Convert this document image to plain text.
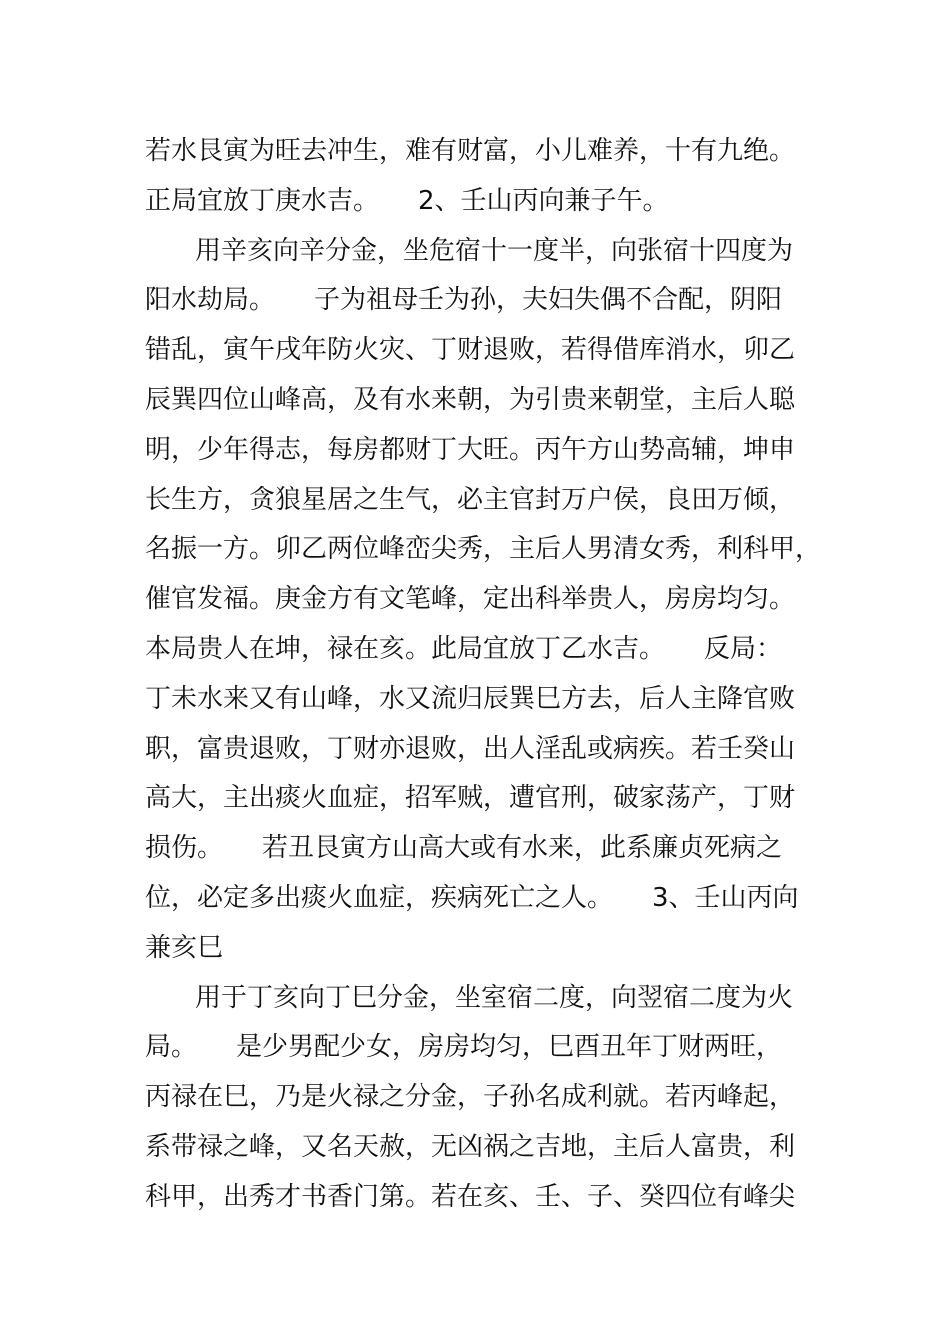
若水艮寅为旺去冲生，难有财富，小儿难养，十有九绝。
正局宜放丁庚水吉。　　2、壬山丙向兼子午。
用辛亥向辛分金，坐危宿十一度半，向张宿十四度为
阳水劫局。　　子为祖母壬为孙，夫妇失偶不合配，阴阳
错乱，寅午戌年防火灾、丁财退败，若得借库消水，卯乙
辰巽四位山峰高，及有水来朝，为引贵来朝堂，主后人聪
明，少年得志，每房都财丁大旺。丙午方山势高辅，坤申
长生方，贪狼星居之生气，必主官封万户侯，良田万倾，
名振一方。卯乙两位峰峦尖秀，主后人男清女秀，利科甲，
催官发福。庚金方有文笔峰，定出科举贵人，房房均匀。
本局贵人在坤，禄在亥。此局宜放丁乙水吉。　　反局：
丁未水来又有山峰，水又流归辰巽巳方去，后人主降官败
职，富贵退败，丁财亦退败，出人淫乱或病疾。若壬癸山
高大，主出痰火血症，招军贼，遭官刑，破家荡产，丁财
损伤。　　若丑艮寅方山高大或有水来，此系廉贞死病之
位，必定多出痰火血症，疾病死亡之人。　　3、壬山丙向
兼亥巳
用于丁亥向丁巳分金，坐室宿二度，向翌宿二度为火
局。　　是少男配少女，房房均匀，巳酉丑年丁财两旺，
丙禄在巳，乃是火禄之分金，子孙名成利就。若丙峰起，
系带禄之峰，又名天赦，无凶祸之吉地，主后人富贵，利
科甲，出秀才书香门第。若在亥、壬、子、癸四位有峰尖
